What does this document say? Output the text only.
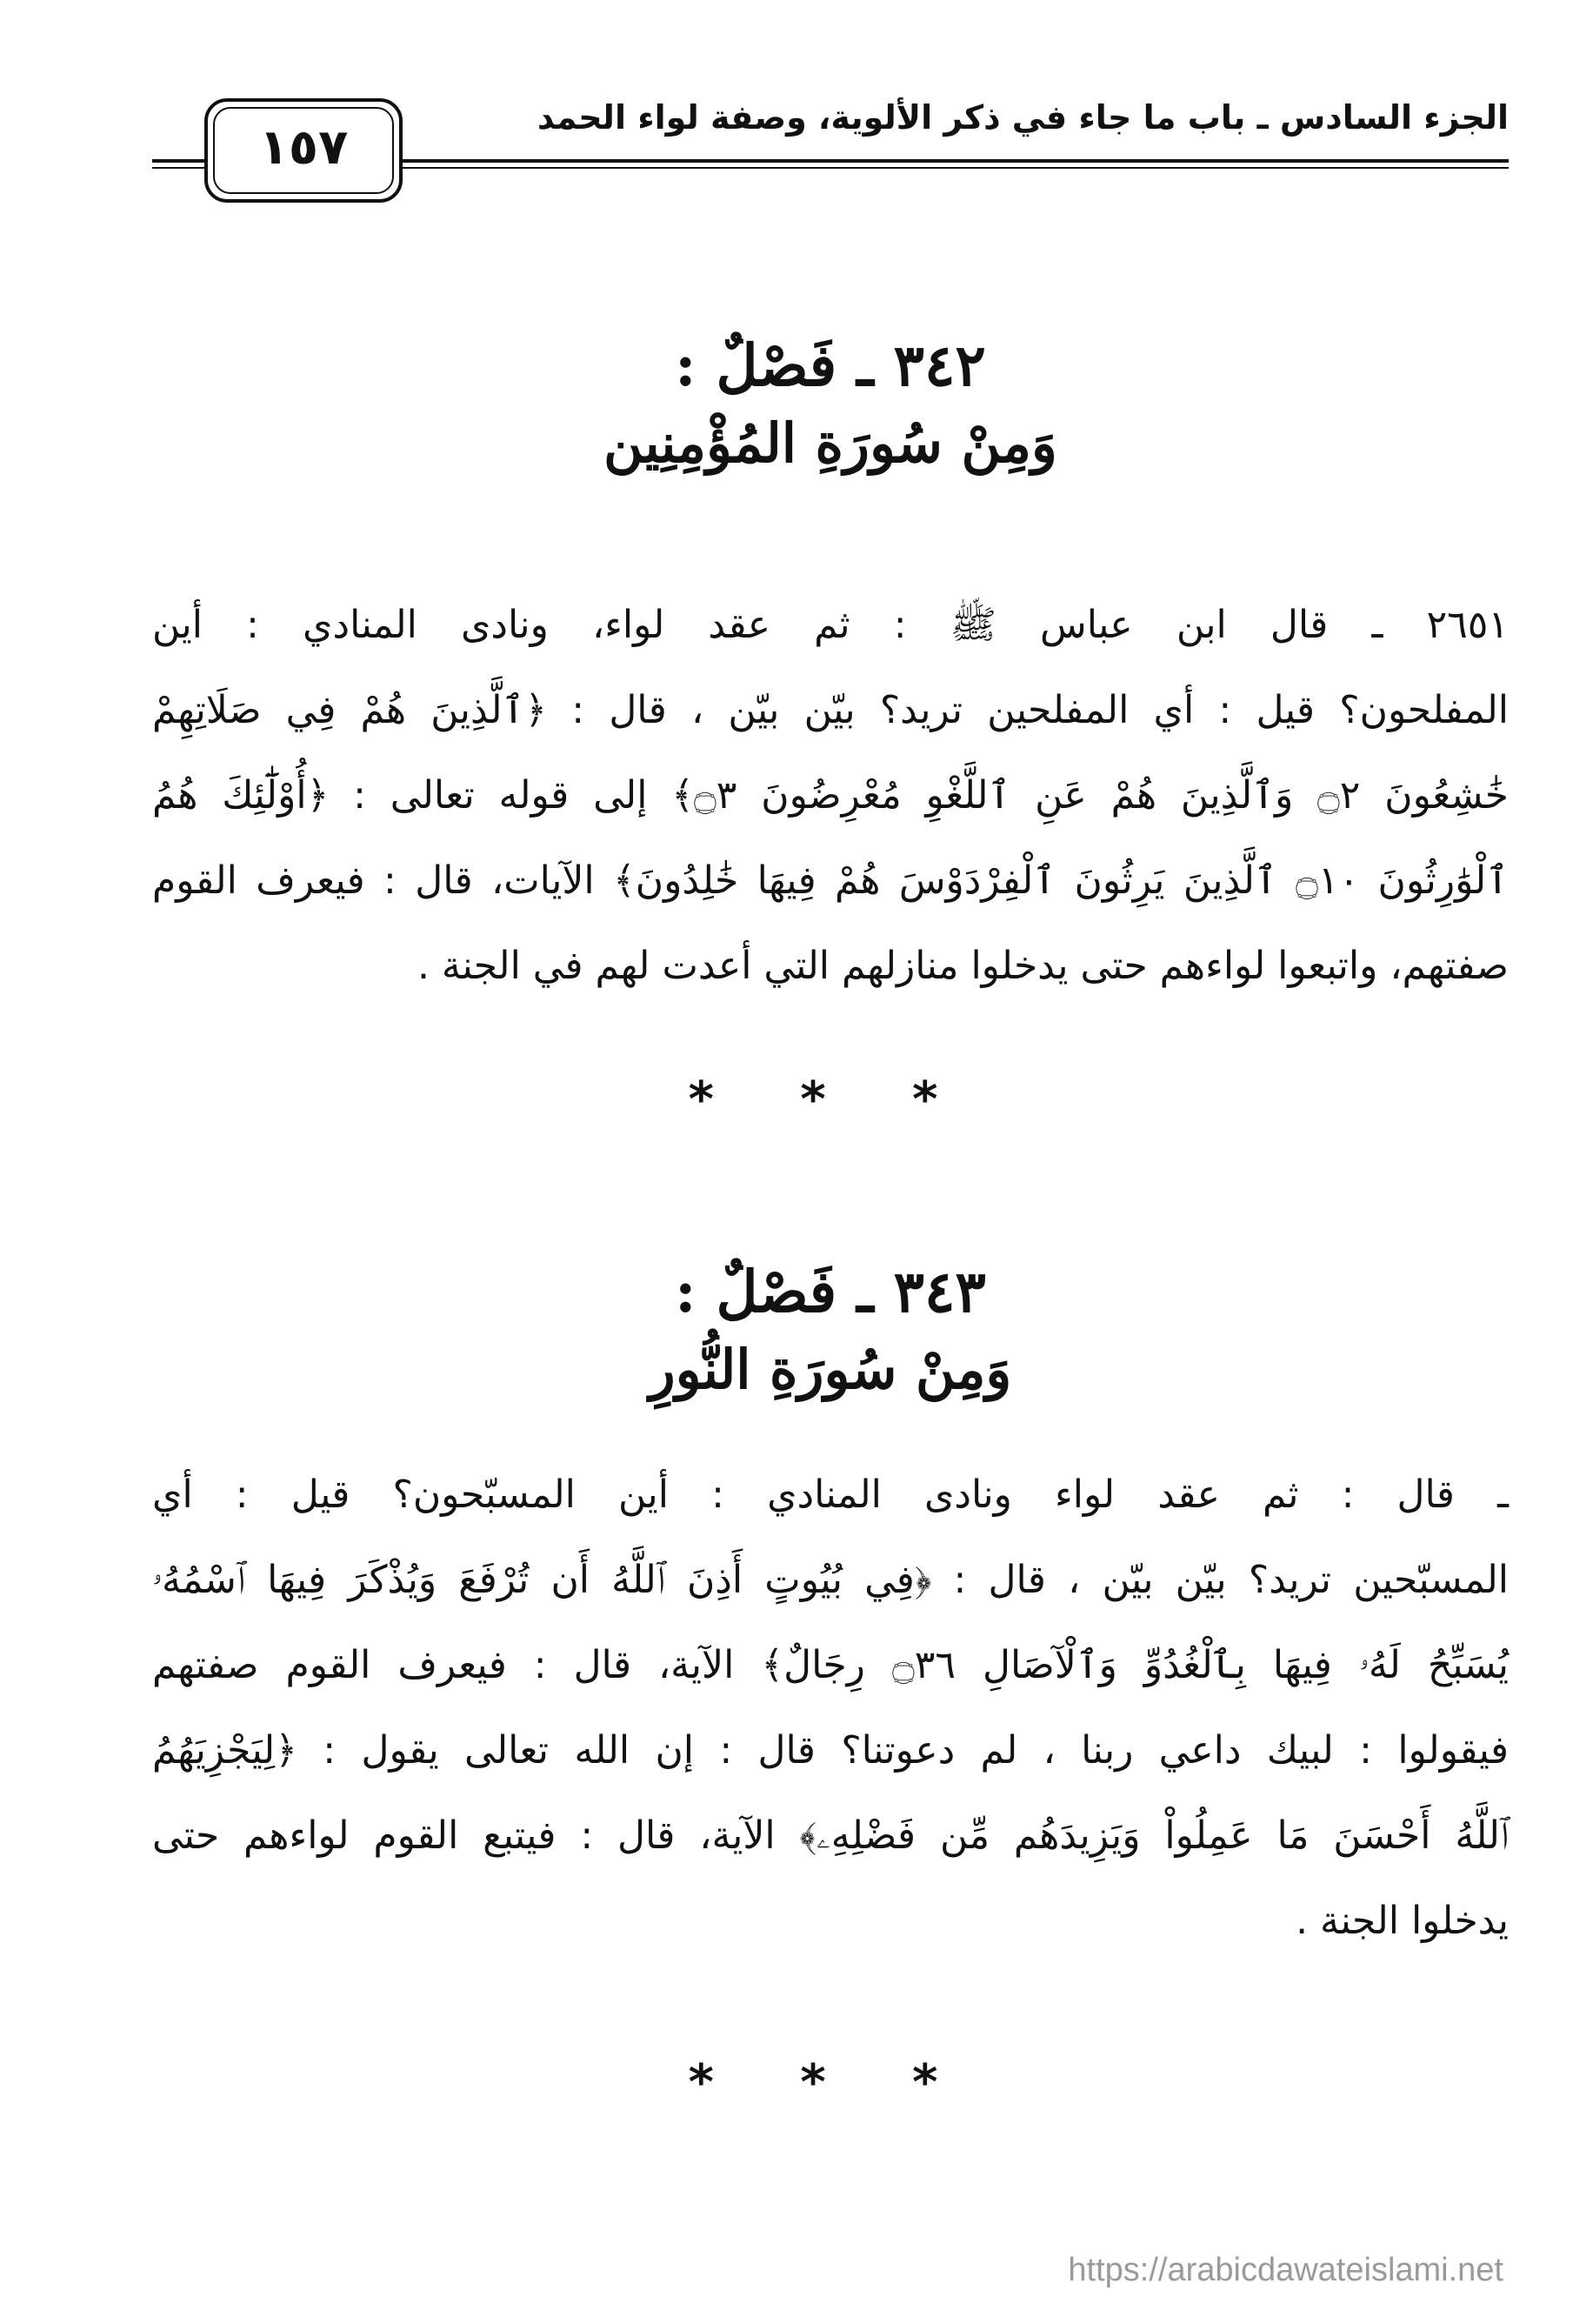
الجزء السادس ـ باب ما جاء في ذكر الألوية، وصفة لواء الحمد
١٥٧
٣٤٢ ـ فَصْلٌ :
وَمِنْ سُورَةِ المُؤْمِنِين
٢٦٥١ ـ قال ابن عباس ﷺ : ثم عقد لواء، ونادى المنادي : أين
المفلحون؟ قيل : أي المفلحين تريد؟ بيّن بيّن ، قال : ﴿ٱلَّذِينَ هُمْ فِي صَلَاتِهِمْ
خَٰشِعُونَ ۝٢ وَٱلَّذِينَ هُمْ عَنِ ٱللَّغْوِ مُعْرِضُونَ ۝٣﴾ إلى قوله تعالى : ﴿أُوْلَٰٓئِكَ هُمُ
ٱلْوَٰرِثُونَ ۝١٠ ٱلَّذِينَ يَرِثُونَ ٱلْفِرْدَوْسَ هُمْ فِيهَا خَٰلِدُونَ﴾ الآيات، قال : فيعرف القوم
صفتهم، واتبعوا لواءهم حتى يدخلوا منازلهم التي أعدت لهم في الجنة .
* * *
٣٤٣ ـ فَصْلٌ :
وَمِنْ سُورَةِ النُّورِ
ـ قال : ثم عقد لواء ونادى المنادي : أين المسبّحون؟ قيل : أي
المسبّحين تريد؟ بيّن بيّن ، قال : ﴿فِي بُيُوتٍ أَذِنَ ٱللَّهُ أَن تُرْفَعَ وَيُذْكَرَ فِيهَا ٱسْمُهُۥ
يُسَبِّحُ لَهُۥ فِيهَا بِٱلْغُدُوِّ وَٱلْآصَالِ ۝٣٦ رِجَالٌ﴾ الآية، قال : فيعرف القوم صفتهم
فيقولوا : لبيك داعي ربنا ، لم دعوتنا؟ قال : إن الله تعالى يقول : ﴿لِيَجْزِيَهُمُ
ٱللَّهُ أَحْسَنَ مَا عَمِلُواْ وَيَزِيدَهُم مِّن فَضْلِهِۦ﴾ الآية، قال : فيتبع القوم لواءهم حتى
يدخلوا الجنة .
* * *
https://arabicdawateislami.net
